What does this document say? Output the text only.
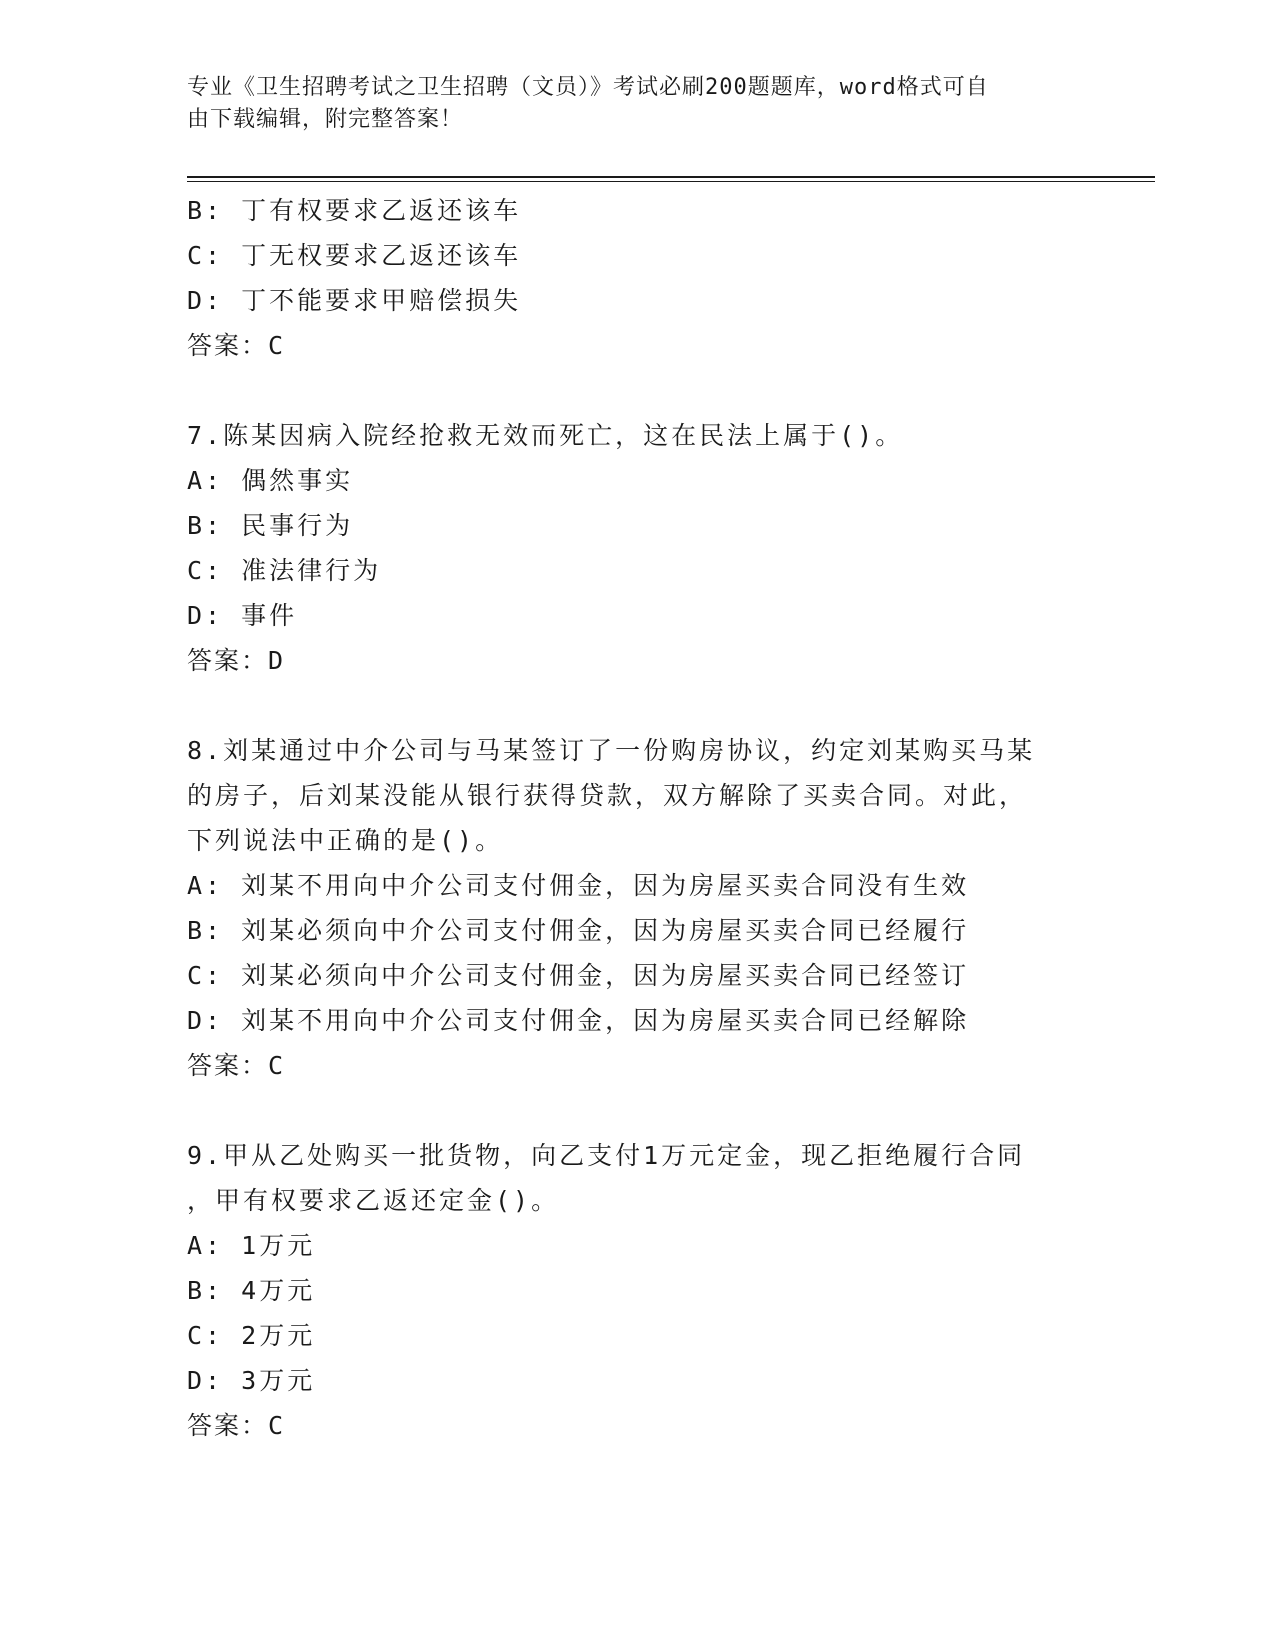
专业《卫生招聘考试之卫生招聘（文员）》考试必刷200题题库，word格式可自
由下载编辑，附完整答案！
B: 丁有权要求乙返还该车
C: 丁无权要求乙返还该车
D: 丁不能要求甲赔偿损失
答案：C
7.陈某因病入院经抢救无效而死亡，这在民法上属于()。
A: 偶然事实
B: 民事行为
C: 准法律行为
D: 事件
答案：D
8.刘某通过中介公司与马某签订了一份购房协议，约定刘某购买马某
的房子，后刘某没能从银行获得贷款，双方解除了买卖合同。对此，
下列说法中正确的是()。
A: 刘某不用向中介公司支付佣金，因为房屋买卖合同没有生效
B: 刘某必须向中介公司支付佣金，因为房屋买卖合同已经履行
C: 刘某必须向中介公司支付佣金，因为房屋买卖合同已经签订
D: 刘某不用向中介公司支付佣金，因为房屋买卖合同已经解除
答案：C
9.甲从乙处购买一批货物，向乙支付1万元定金，现乙拒绝履行合同
，甲有权要求乙返还定金()。
A: 1万元
B: 4万元
C: 2万元
D: 3万元
答案：C
